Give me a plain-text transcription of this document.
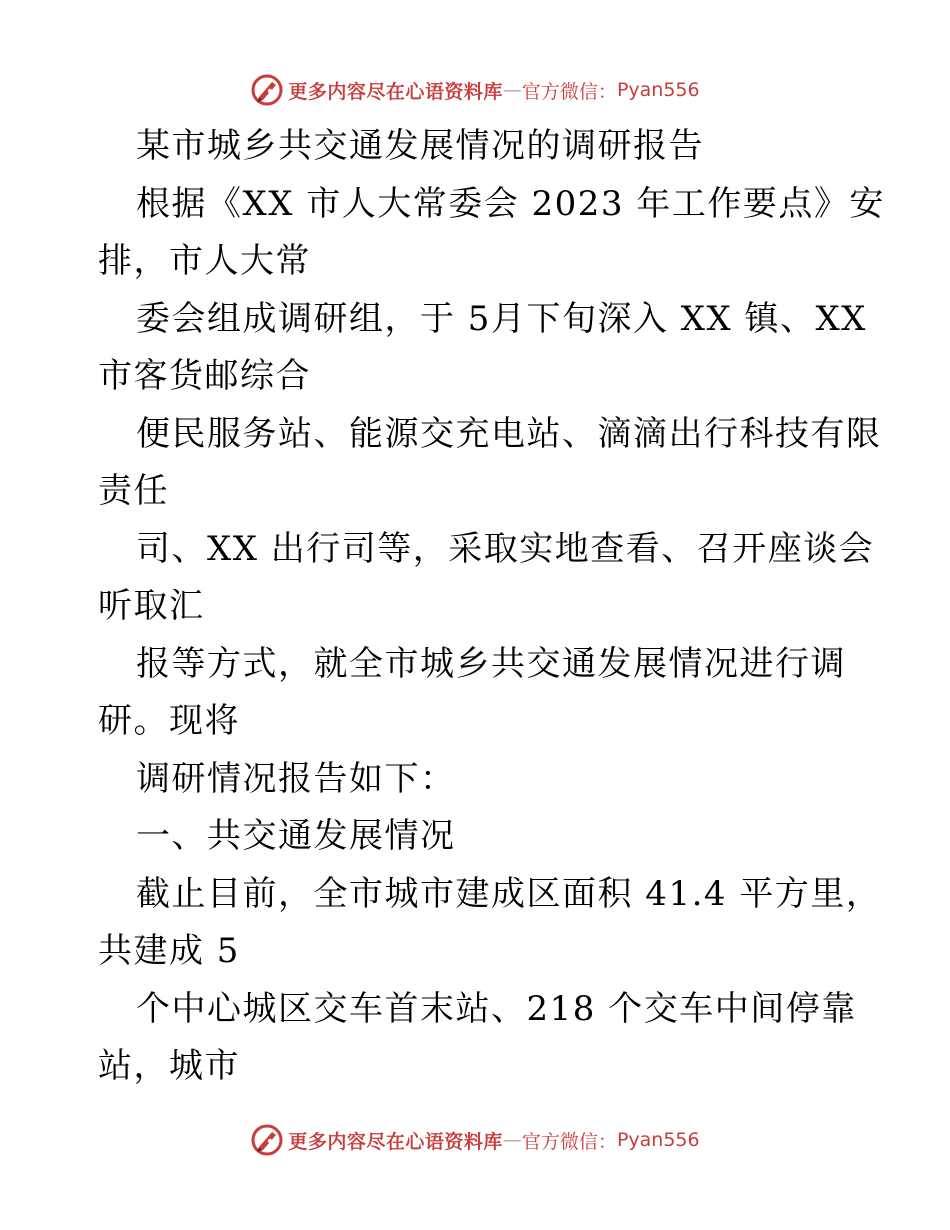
更多内容尽在心语资料库 — 官方微信： Pyan556
某市城乡共交通发展情况的调研报告
根据《XX 市人大常委会 2023 年工作要点》安
排，市人大常
委会组成调研组，于 5月下旬深入 XX 镇、XX
市客货邮综合
便民服务站、能源交充电站、滴滴出行科技有限
责任
司、XX 出行司等，采取实地查看、召开座谈会
听取汇
报等方式，就全市城乡共交通发展情况进行调
研。现将
调研情况报告如下：
一、共交通发展情况
截止目前，全市城市建成区面积 41.4 平方里，
共建成 5
个中心城区交车首末站、218 个交车中间停靠
站，城市
更多内容尽在心语资料库 — 官方微信： Pyan556
